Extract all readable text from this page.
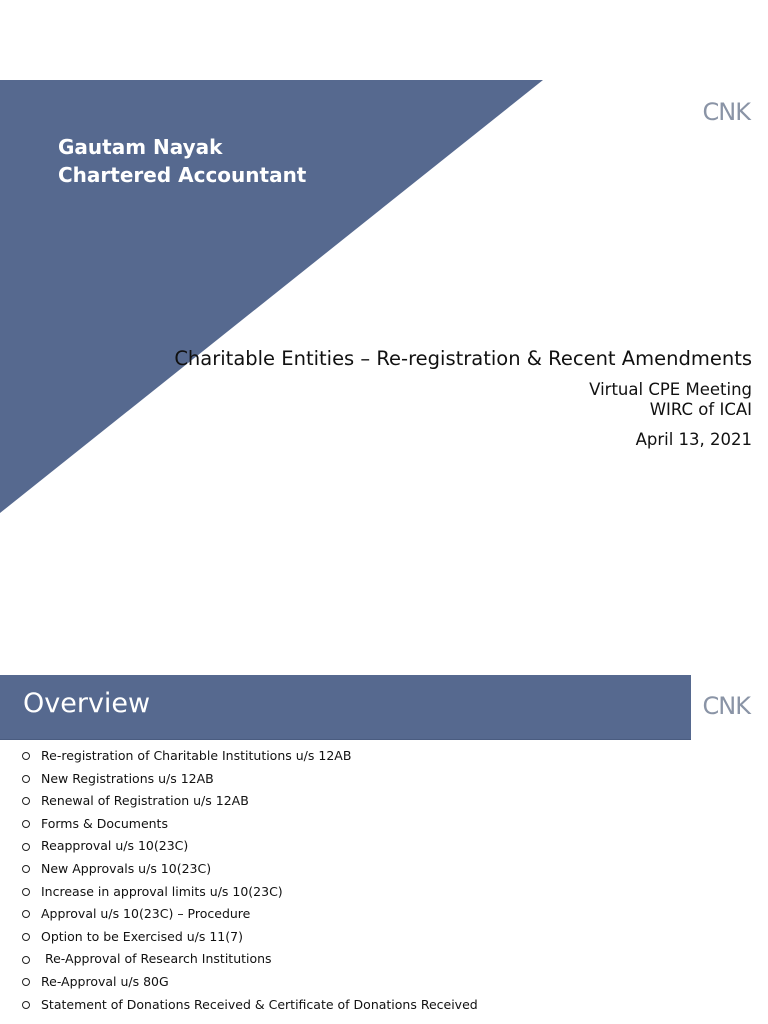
Gautam Nayak
Chartered Accountant
CNK
Charitable Entities – Re-registration & Recent Amendments
Virtual CPE Meeting
WIRC of ICAI
April 13, 2021
Overview	CNK
Re-registration of Charitable Institutions u/s 12AB
New Registrations u/s 12AB
Renewal of Registration u/s 12AB
Forms & Documents
Reapproval u/s 10(23C)
New Approvals u/s 10(23C)
Increase in approval limits u/s 10(23C)
Approval u/s 10(23C) – Procedure
Option to be Exercised u/s 11(7)
Re-Approval of Research Institutions
Re-Approval u/s 80G
Statement of Donations Received & Certificate of Donations Received
